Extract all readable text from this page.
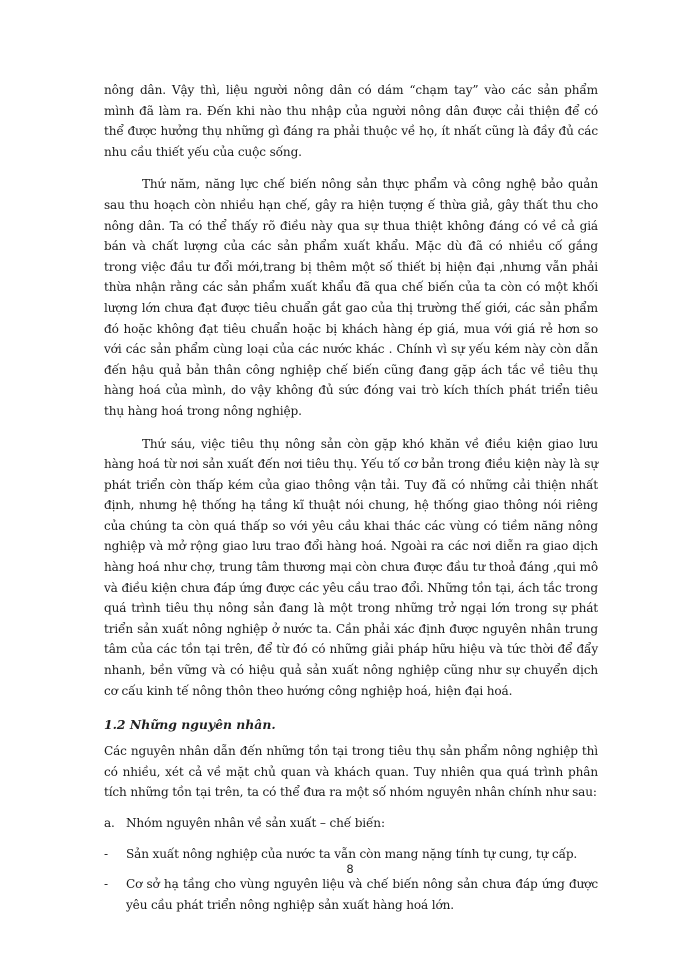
nông dân. Vậy thì, liệu người nông dân có dám “chạm tay” vào các sản phẩm mình đã làm ra. Đến khi nào thu nhập của người nông dân được cải thiện để có thể được hưởng thụ những gì đáng ra phải thuộc về họ, ít nhất cũng là đầy đủ các nhu cầu thiết yếu của cuộc sống.

Thứ năm, năng lực chế biến nông sản thực phẩm và công nghệ bảo quản sau thu hoạch còn nhiều hạn chế, gây ra hiện tượng ế thừa giả, gây thất thu cho nông dân. Ta có thể thấy rõ điều này qua sự thua thiệt không đáng có về cả giá bán và chất lượng của các sản phẩm xuất khẩu. Mặc dù đã có nhiều cố gắng trong việc đầu tư đổi mới,trang bị thêm một số thiết bị hiện đại ,nhưng vẫn phải thừa nhận rằng các sản phẩm xuất khẩu đã qua chế biến của ta còn có một khối lượng lớn chưa đạt được tiêu chuẩn gắt gao của thị trường thế giới, các sản phẩm đó hoặc không đạt tiêu chuẩn hoặc bị khách hàng ép giá, mua với giá rẻ hơn so với các sản phẩm cùng loại của các nước khác . Chính vì sự yếu kém này còn dẫn đến hậu quả bản thân công nghiệp chế biến cũng đang gặp ách tắc về tiêu thụ hàng hoá của mình, do vậy không đủ sức đóng vai trò kích thích phát triển tiêu thụ hàng hoá trong nông nghiệp.

Thứ sáu, việc tiêu thụ nông sản còn gặp khó khăn về điều kiện giao lưu hàng hoá từ nơi sản xuất đến nơi tiêu thụ. Yếu tố cơ bản trong điều kiện này là sự phát triển còn thấp kém của giao thông vận tải. Tuy đã có những cải thiện nhất định, nhưng hệ thống hạ tầng kĩ thuật nói chung, hệ thống giao thông nói riêng của chúng ta còn quá thấp so với yêu cầu khai thác các vùng có tiềm năng nông nghiệp và mở rộng giao lưu trao đổi hàng hoá. Ngoài ra các nơi diễn ra giao dịch hàng hoá như chợ, trung tâm thương mại còn chưa được đầu tư thoả đáng ,qui mô và điều kiện chưa đáp ứng được các yêu cầu trao đổi. Những tồn tại, ách tắc trong quá trình tiêu thụ nông sản đang là một trong những trở ngại lớn trong sự phát triển sản xuất nông nghiệp ở nước ta. Cần phải xác định được nguyên nhân trung tâm của các tồn tại trên, để từ đó có những giải pháp hữu hiệu và tức thời để đẩy nhanh, bền vững và có hiệu quả sản xuất nông nghiệp cũng như sự chuyển dịch cơ cấu kinh tế nông thôn theo hướng công nghiệp hoá, hiện đại hoá.

1.2 Những nguyên nhân.

Các nguyên nhân dẫn đến những tồn tại trong tiêu thụ sản phẩm nông nghiệp thì có nhiều, xét cả về mặt chủ quan và khách quan. Tuy nhiên qua quá trình phân tích những tồn tại trên, ta có thể đưa ra một số nhóm nguyên nhân chính như sau:

a. Nhóm nguyên nhân về sản xuất – chế biến:
-	Sản xuất nông nghiệp của nước ta vẫn còn mang nặng tính tự cung, tự cấp.
-	Cơ sở hạ tầng cho vùng nguyên liệu và chế biến nông sản chưa đáp ứng được yêu cầu phát triển nông nghiệp sản xuất hàng hoá lớn.
8
